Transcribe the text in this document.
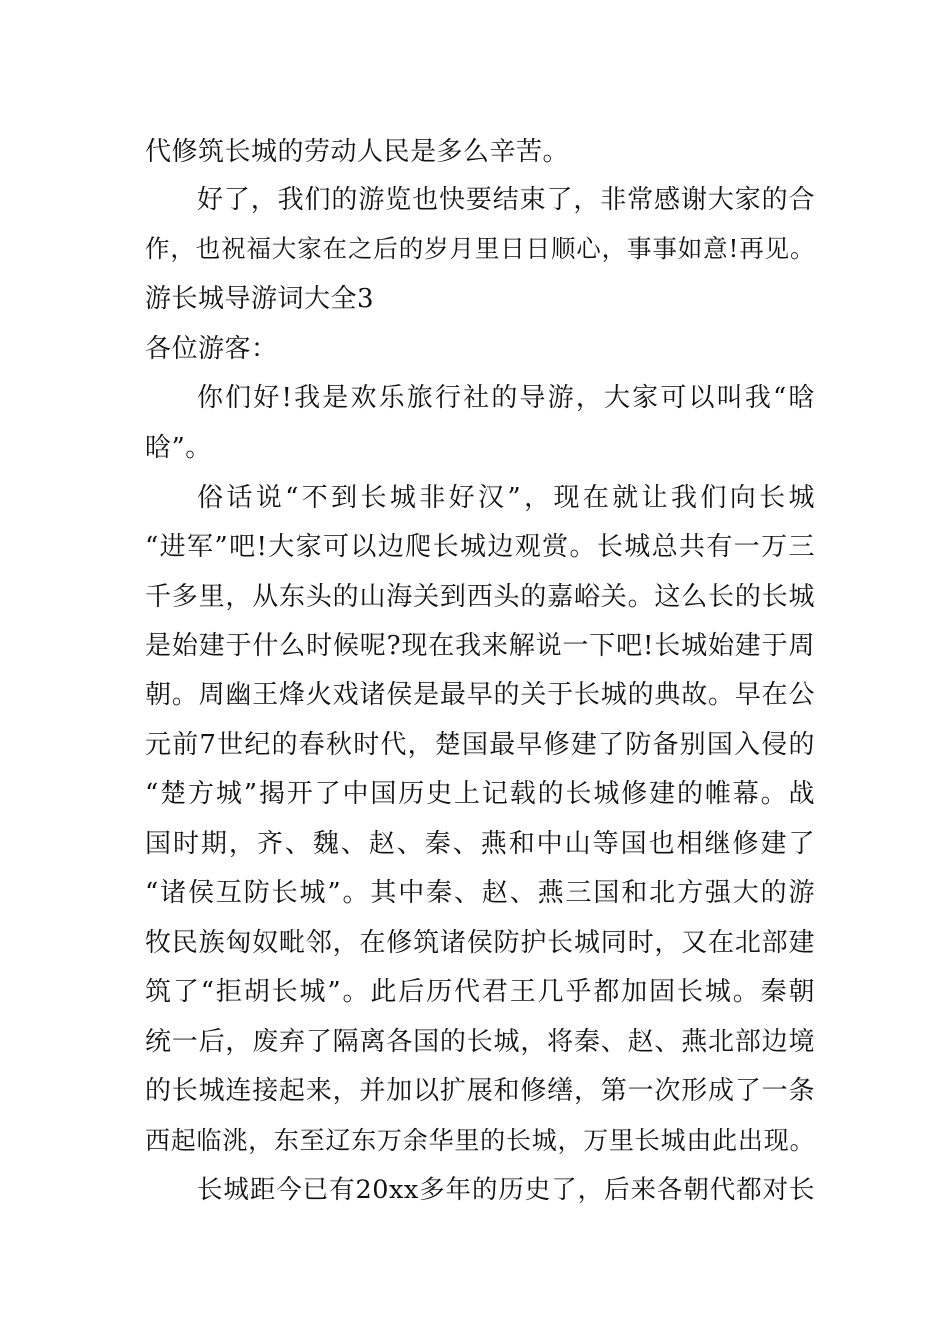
代修筑长城的劳动人民是多么辛苦。
好了，我们的游览也快要结束了，非常感谢大家的合
作，也祝福大家在之后的岁月里日日顺心，事事如意!再见。
游长城导游词大全3
各位游客：
你们好!我是欢乐旅行社的导游，大家可以叫我“晗
晗”。
俗话说“不到长城非好汉”，现在就让我们向长城
“进军”吧!大家可以边爬长城边观赏。长城总共有一万三
千多里，从东头的山海关到西头的嘉峪关。这么长的长城
是始建于什么时候呢?现在我来解说一下吧!长城始建于周
朝。周幽王烽火戏诸侯是最早的关于长城的典故。早在公
元前7世纪的春秋时代，楚国最早修建了防备别国入侵的
“楚方城”揭开了中国历史上记载的长城修建的帷幕。战
国时期，齐、魏、赵、秦、燕和中山等国也相继修建了
“诸侯互防长城”。其中秦、赵、燕三国和北方强大的游
牧民族匈奴毗邻，在修筑诸侯防护长城同时，又在北部建
筑了“拒胡长城”。此后历代君王几乎都加固长城。秦朝
统一后，废弃了隔离各国的长城，将秦、赵、燕北部边境
的长城连接起来，并加以扩展和修缮，第一次形成了一条
西起临洮，东至辽东万余华里的长城，万里长城由此出现。
长城距今已有20xx多年的历史了，后来各朝代都对长
